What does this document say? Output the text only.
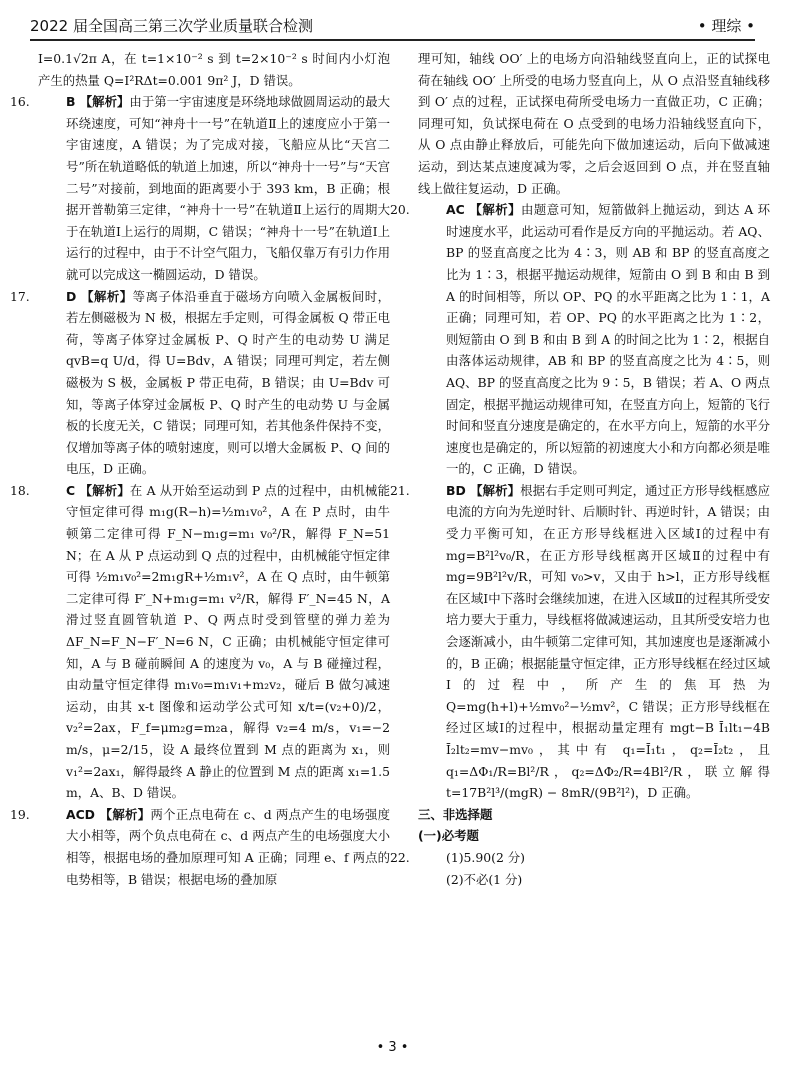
2022 届全国高三第三次学业质量联合检测	• 理综 •

I=0.1√2π A，在 t=1×10⁻² s 到 t=2×10⁻² s 时间内小灯泡产生的热量 Q=I²RΔt=0.001 9π² J，D 错误。

16.	B 【解析】由于第一宇宙速度是环绕地球做圆周运动的最大环绕速度，可知“神舟十一号”在轨道Ⅱ上的速度应小于第一宇宙速度，A 错误；为了完成对接，飞船应从比“天宫二号”所在轨道略低的轨道上加速，所以“神舟十一号”与“天宫二号”对接前，到地面的距离要小于 393 km，B 正确；根据开普勒第三定律，“神舟十一号”在轨道Ⅱ上运行的周期大于在轨道Ⅰ上运行的周期，C 错误；“神舟十一号”在轨道Ⅰ上运行的过程中，由于不计空气阻力，飞船仅靠万有引力作用就可以完成这一椭圆运动，D 错误。

17.	D 【解析】等离子体沿垂直于磁场方向喷入金属板间时，若左侧磁极为 N 极，根据左手定则，可得金属板 Q 带正电荷，等离子体穿过金属板 P、Q 时产生的电动势 U 满足 qvB=q U/d，得 U=Bdv，A 错误；同理可判定，若左侧磁极为 S 极，金属板 P 带正电荷，B 错误；由 U=Bdv 可知，等离子体穿过金属板 P、Q 时产生的电动势 U 与金属板的长度无关，C 错误；同理可知，若其他条件保持不变，仅增加等离子体的喷射速度，则可以增大金属板 P、Q 间的电压，D 正确。

18.	C 【解析】在 A 从开始至运动到 P 点的过程中，由机械能守恒定律可得 m₁g(R−h)=½m₁v₀²，A 在 P 点时，由牛顿第二定律可得 F_N−m₁g=m₁ v₀²/R，解得 F_N=51 N；在 A 从 P 点运动到 Q 点的过程中，由机械能守恒定律可得 ½m₁v₀²=2m₁gR+½m₁v²，A 在 Q 点时，由牛顿第二定律可得 F′_N+m₁g=m₁ v²/R，解得 F′_N=45 N，A 滑过竖直圆管轨道 P、Q 两点时受到管壁的弹力差为 ΔF_N=F_N−F′_N=6 N，C 正确；由机械能守恒定律可知，A 与 B 碰前瞬间 A 的速度为 v₀，A 与 B 碰撞过程，由动量守恒定律得 m₁v₀=m₁v₁+m₂v₂，碰后 B 做匀减速运动，由其 x-t 图像和运动学公式可知 x/t=(v₂+0)/2，v₂²=2ax，F_f=μm₂g=m₂a，解得 v₂=4 m/s，v₁=−2 m/s，μ=2/15，设 A 最终位置到 M 点的距离为 x₁，则 v₁²=2ax₁，解得最终 A 静止的位置到 M 点的距离 x₁=1.5 m，A、B、D 错误。

19.	ACD 【解析】两个正点电荷在 c、d 两点产生的电场强度大小相等，两个负点电荷在 c、d 两点产生的电场强度大小相等，根据电场的叠加原理可知 A 正确；同理 e、f 两点的电势相等，B 错误；根据电场的叠加原

理可知，轴线 OO′ 上的电场方向沿轴线竖直向上，正的试探电荷在轴线 OO′ 上所受的电场力竖直向上，从 O 点沿竖直轴线移到 O′ 点的过程，正试探电荷所受电场力一直做正功，C 正确；同理可知，负试探电荷在 O 点受到的电场力沿轴线竖直向下，从 O 点由静止释放后，可能先向下做加速运动，后向下做减速运动，到达某点速度减为零，之后会返回到 O 点，并在竖直轴线上做往复运动，D 正确。

20.	AC 【解析】由题意可知，短箭做斜上抛运动，到达 A 环时速度水平，此运动可看作是反方向的平抛运动。若 AQ、BP 的竖直高度之比为 4∶3，则 AB 和 BP 的竖直高度之比为 1∶3，根据平抛运动规律，短箭由 O 到 B 和由 B 到 A 的时间相等，所以 OP、PQ 的水平距离之比为 1∶1，A 正确；同理可知，若 OP、PQ 的水平距离之比为 1∶2，则短箭由 O 到 B 和由 B 到 A 的时间之比为 1∶2，根据自由落体运动规律，AB 和 BP 的竖直高度之比为 4∶5，则 AQ、BP 的竖直高度之比为 9∶5，B 错误；若 A、O 两点固定，根据平抛运动规律可知，在竖直方向上，短箭的飞行时间和竖直分速度是确定的，在水平方向上，短箭的水平分速度也是确定的，所以短箭的初速度大小和方向都必须是唯一的，C 正确，D 错误。

21.	BD 【解析】根据右手定则可判定，通过正方形导线框感应电流的方向为先逆时针、后顺时针、再逆时针，A 错误；由受力平衡可知，在正方形导线框进入区域Ⅰ的过程中有 mg=B²l²v₀/R，在正方形导线框离开区域Ⅱ的过程中有 mg=9B²l²v/R，可知 v₀>v，又由于 h>l，正方形导线框在区域Ⅰ中下落时会继续加速，在进入区域Ⅱ的过程其所受安培力要大于重力，导线框将做减速运动，且其所受安培力也会逐渐减小，由牛顿第二定律可知，其加速度也是逐渐减小的，B 正确；根据能量守恒定律，正方形导线框在经过区域Ⅰ的过程中，所产生的焦耳热为 Q=mg(h+l)+½mv₀²−½mv²，C 错误；正方形导线框在经过区域Ⅰ的过程中，根据动量定理有 mgt−B Ī₁lt₁−4B Ī₂lt₂=mv−mv₀，其中有 q₁=Ī₁t₁，q₂=Ī₂t₂，且 q₁=ΔΦ₁/R=Bl²/R，q₂=ΔΦ₂/R=4Bl²/R，联立解得 t=17B²l³/(mgR) − 8mR/(9B²l²)，D 正确。

三、非选择题

(一)必考题

22.	(1)5.90(2 分)

(2)不必(1 分)

• 3 •
